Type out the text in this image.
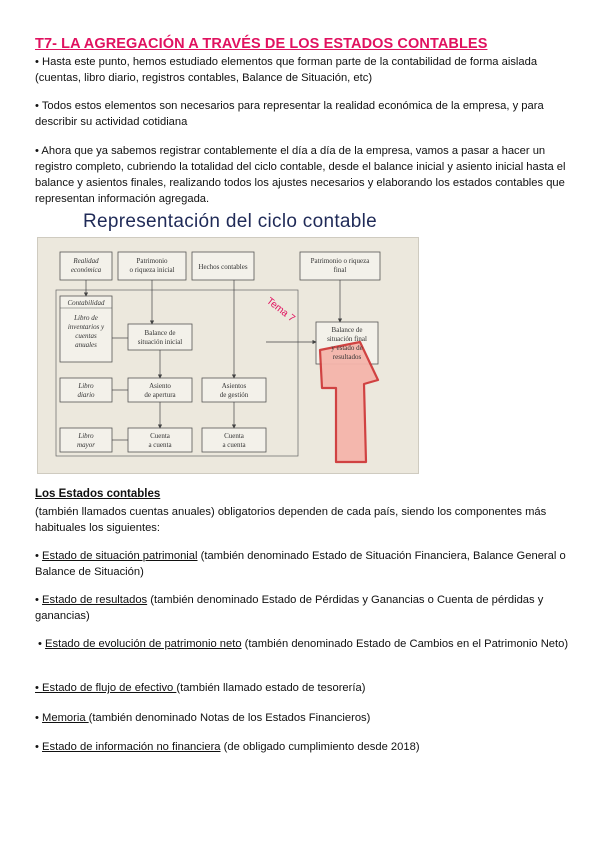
T7- LA AGREGACIÓN A TRAVÉS DE LOS ESTADOS CONTABLES

• Hasta este punto, hemos estudiado elementos que forman parte de la contabilidad de forma aislada (cuentas, libro diario, registros contables, Balance de Situación, etc)

• Todos estos elementos son necesarios para representar la realidad económica de la empresa, y para describir su actividad cotidiana

• Ahora que ya sabemos registrar contablemente el día a día de la empresa, vamos a pasar a hacer un registro completo, cubriendo la totalidad del ciclo contable, desde el balance inicial y asiento inicial hasta el balance y asientos finales, realizando todos los ajustes necesarios y elaborando los estados contables que representan información agregada.

Representación del ciclo contable
Realidad
económica
Patrimonio
o riqueza inicial	Hechos contables
Patrimonio o riqueza
final
Contabilidad
Libro de
inventarios y
cuentas
anuales
Balance de
situación inicial
Balance de
situación final
y estado de
resultados
Libro
diario
Asiento
de apertura
Asientos
de gestión
Libro
mayor
Cuenta
a cuenta
Cuenta
a cuenta
Tema 7
Los Estados contables

(también llamados cuentas anuales) obligatorios dependen de cada país, siendo los componentes más habituales los siguientes:

• Estado de situación patrimonial (también denominado Estado de Situación Financiera, Balance General o Balance de Situación)

• Estado de resultados (también denominado Estado de Pérdidas y Ganancias o Cuenta de pérdidas y ganancias)

• Estado de evolución de patrimonio neto (también denominado Estado de Cambios en el Patrimonio Neto)

• Estado de flujo de efectivo (también llamado estado de tesorería)

• Memoria (también denominado Notas de los Estados Financieros)

• Estado de información no financiera (de obligado cumplimiento desde 2018)
